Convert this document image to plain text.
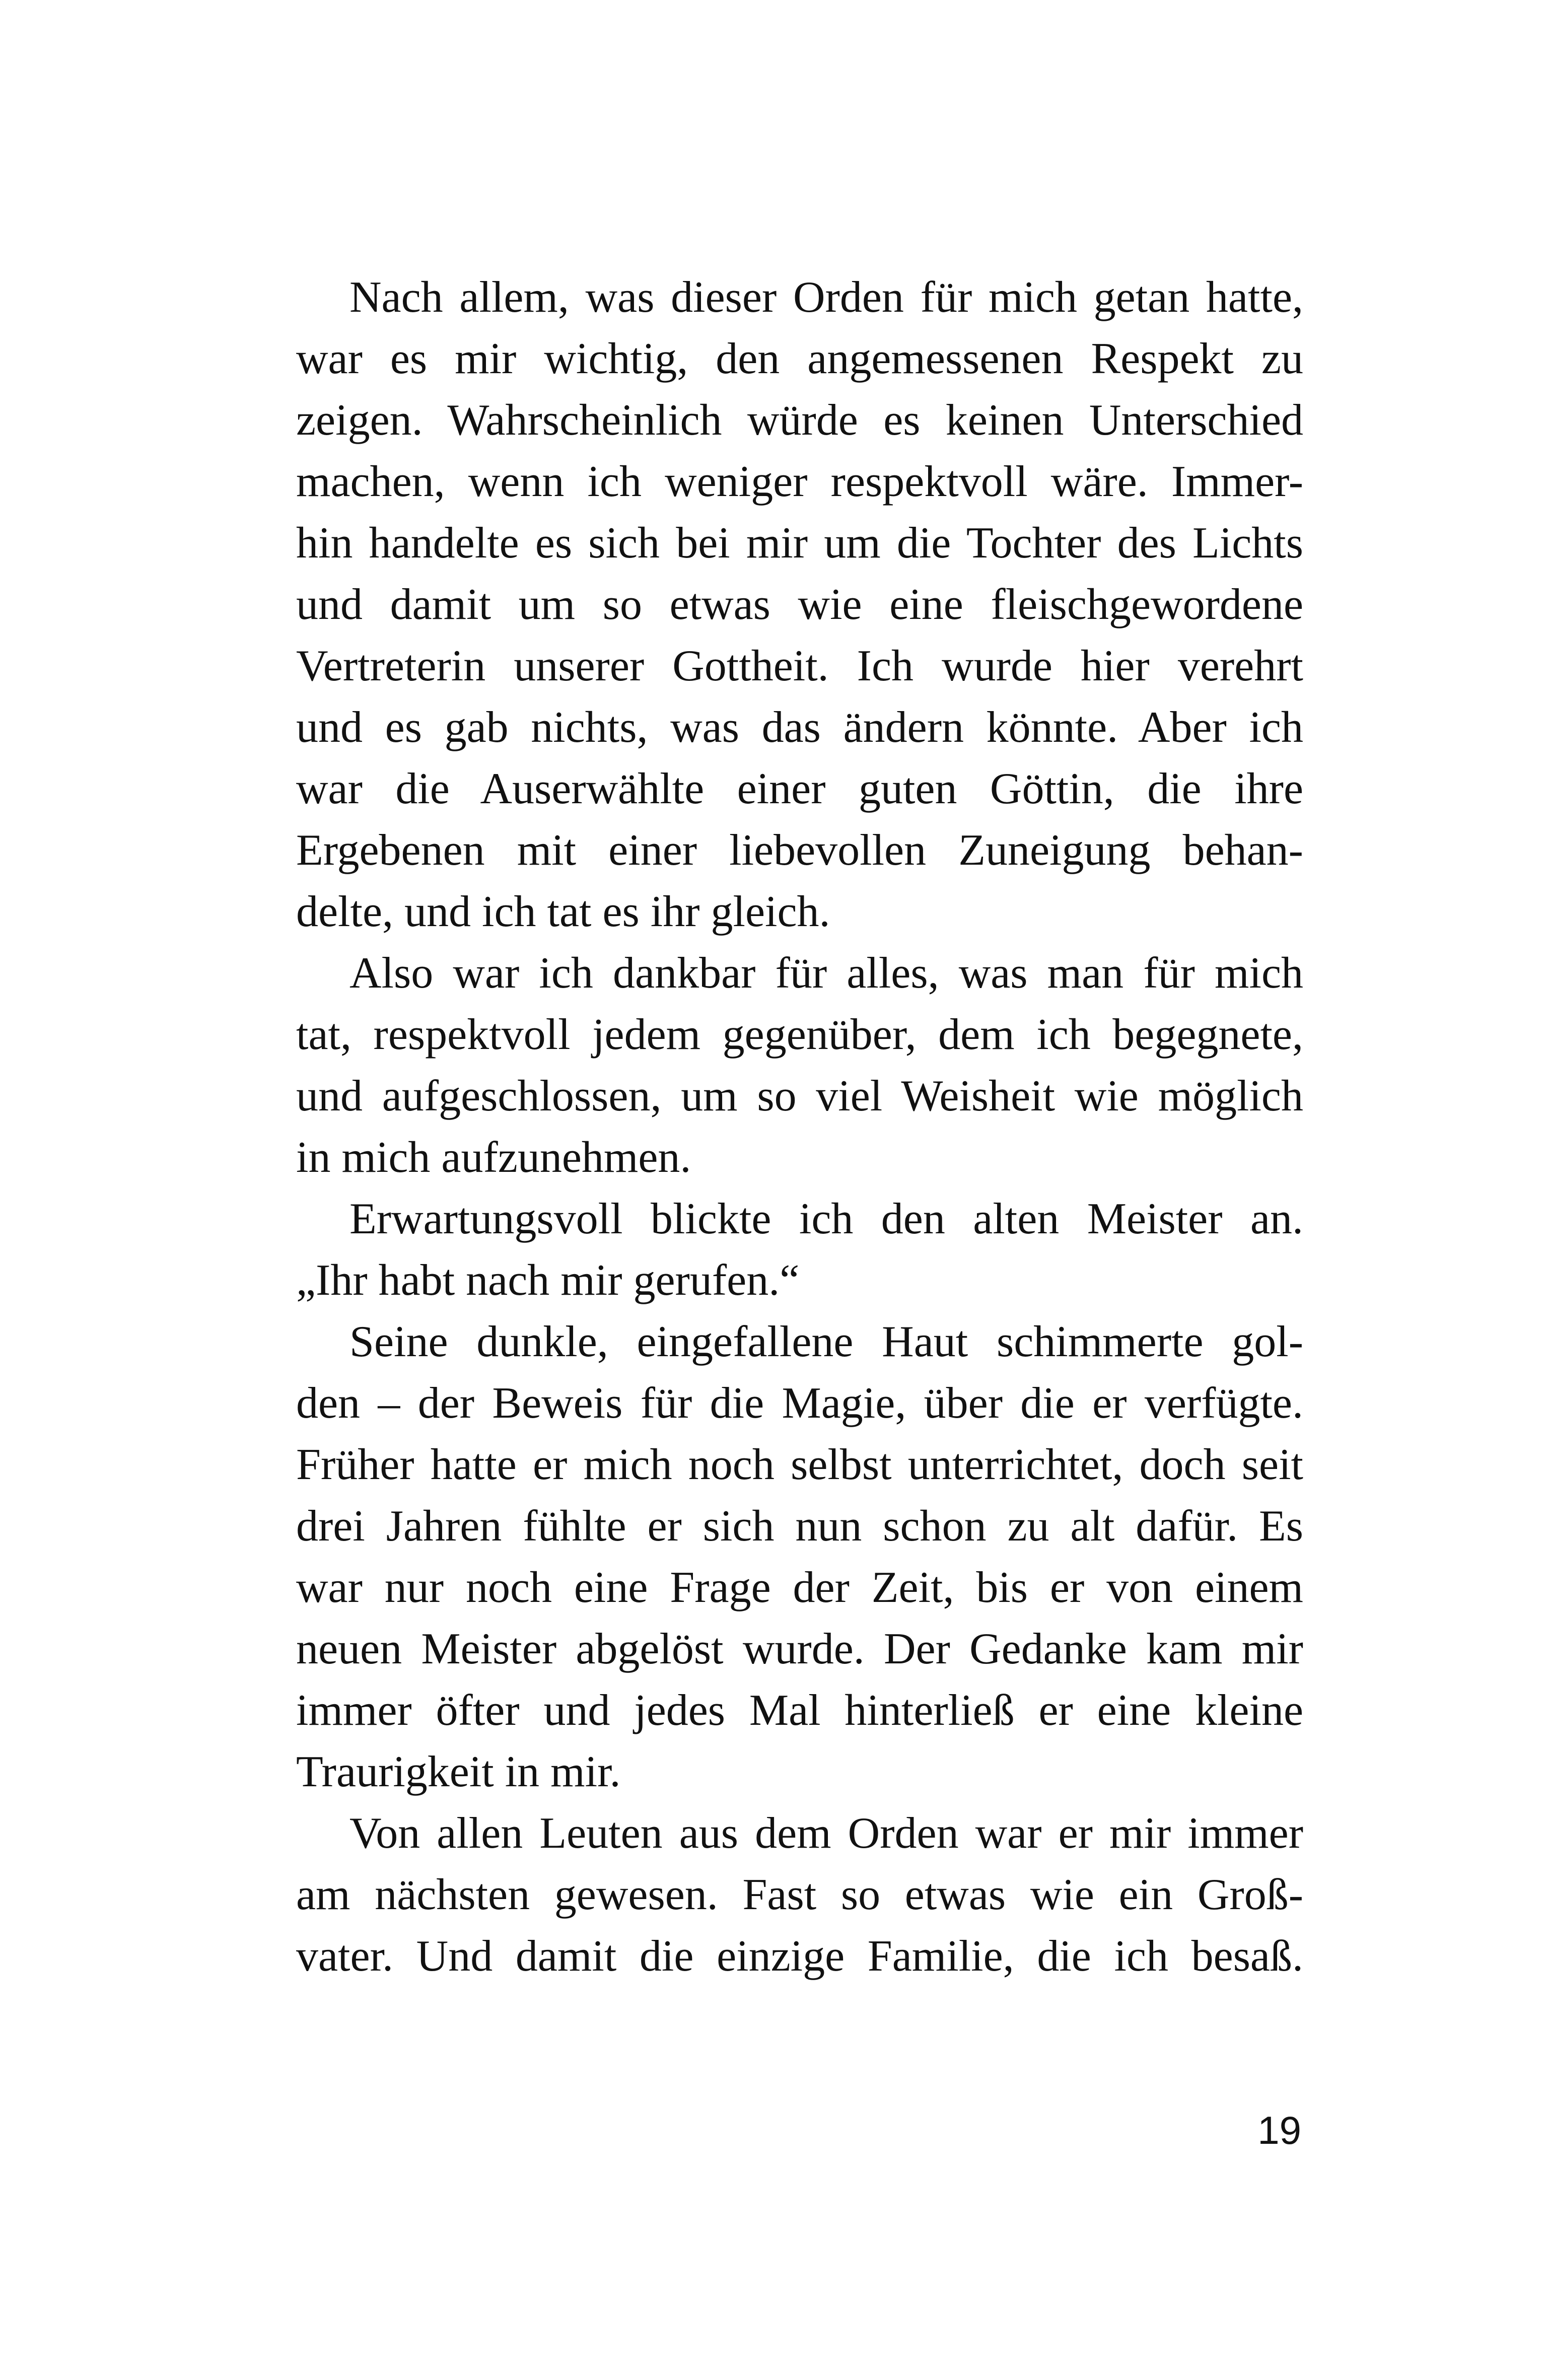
Nach allem, was dieser Orden für mich getan hatte,
war es mir wichtig, den angemessenen Respekt zu
zeigen. Wahrscheinlich würde es keinen Unterschied
machen, wenn ich weniger respektvoll wäre. Immer-
hin handelte es sich bei mir um die Tochter des Lichts
und damit um so etwas wie eine fleischgewordene
Vertreterin unserer Gottheit. Ich wurde hier verehrt
und es gab nichts, was das ändern könnte. Aber ich
war die Auserwählte einer guten Göttin, die ihre
Ergebenen mit einer liebevollen Zuneigung behan-
delte, und ich tat es ihr gleich.
Also war ich dankbar für alles, was man für mich
tat, respektvoll jedem gegenüber, dem ich begegnete,
und aufgeschlossen, um so viel Weisheit wie möglich
in mich aufzunehmen.
Erwartungsvoll blickte ich den alten Meister an.
„Ihr habt nach mir gerufen.“
Seine dunkle, eingefallene Haut schimmerte gol-
den – der Beweis für die Magie, über die er verfügte.
Früher hatte er mich noch selbst unterrichtet, doch seit
drei Jahren fühlte er sich nun schon zu alt dafür. Es
war nur noch eine Frage der Zeit, bis er von einem
neuen Meister abgelöst wurde. Der Gedanke kam mir
immer öfter und jedes Mal hinterließ er eine kleine
Traurigkeit in mir.
Von allen Leuten aus dem Orden war er mir immer
am nächsten gewesen. Fast so etwas wie ein Groß-
vater. Und damit die einzige Familie, die ich besaß.
19
